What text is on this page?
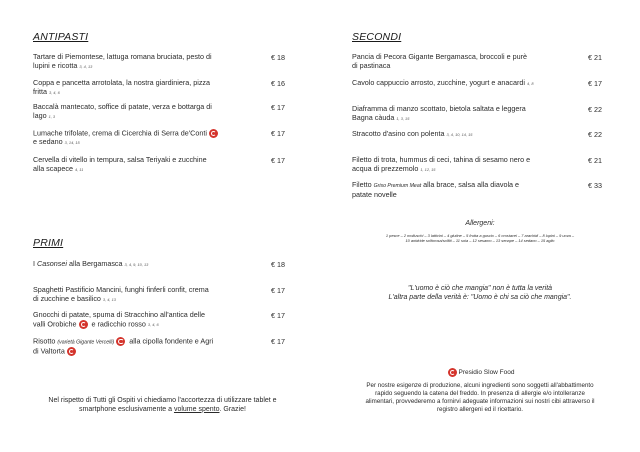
ANTIPASTI
Tartare di Piemontese, lattuga romana bruciata, pesto di
lupini e ricotta 3, 4, 13
€ 18
Coppa e pancetta arrotolata, la nostra giardiniera, pizza
fritta 3, 4, 6
€ 16
Baccalà mantecato, soffice di patate, verza e bottarga di
lago 1, 3
€ 17
Lumache trifolate, crema di Cicerchia di Serra de'Conti
e sedano 3, 14, 15
€ 17
Cervella di vitello in tempura, salsa Teriyaki e zucchine
alla scapece 4, 11
€ 17
PRIMI
I Casonsei alla Bergamasca 3, 4, 9, 10, 13	€ 18
Spaghetti Pastificio Mancini, funghi finferli confit, crema
di zucchine e basilico 3, 4, 13
€ 17
Gnocchi di patate, spuma di Stracchino all'antica delle
valli Orobiche e radicchio rosso 3, 4, 6
€ 17
Risotto (varietà Gigante Vercelli) alla cipolla fondente e Agri
di Valtorta
€ 17
Nel rispetto di Tutti gli Ospiti vi chiediamo l'accortezza di utilizzare tablet e
smartphone esclusivamente a volume spento. Grazie!
SECONDI
Pancia di Pecora Gigante Bergamasca, broccoli e purè
di pastinaca
€ 21
Cavolo cappuccio arrosto, zucchine, yogurt e anacardi 4, 8	€ 17
Diaframma di manzo scottato, bietola saltata e leggera
Bagna càuda 1, 3, 15
€ 22
Stracotto d'asino con polenta 3, 4, 10, 14, 15	€ 22
Filetto di trota, hummus di ceci, tahina di sesamo nero e
acqua di prezzemolo 1, 12, 15
€ 21
Filetto Griso Premium Meat alla brace, salsa alla diavola e
patate novelle
€ 33
Allergeni:
1 pesce – 2 molluschi – 3 latticini – 4 glutine – 5 frutta a guscio – 6 crostacei – 7 arachidi – 8 lupini – 9 uova –
10 anidride solforosa/solfiti – 11 soia – 12 sesamo – 13 senape – 14 sedano – 15 aglio
"L'uomo è ciò che mangia" non è tutta la verità
L'altra parte della verità è: "Uomo è chi sa ciò che mangia".
Presidio Slow Food
Per nostre esigenze di produzione, alcuni ingredienti sono soggetti all'abbattimento
rapido seguendo la catena del freddo. In presenza di allergie e/o intolleranze
alimentari, provvederemo a fornirvi adeguate informazioni sui nostri cibi attraverso il
registro allergeni ed il ricettario.
